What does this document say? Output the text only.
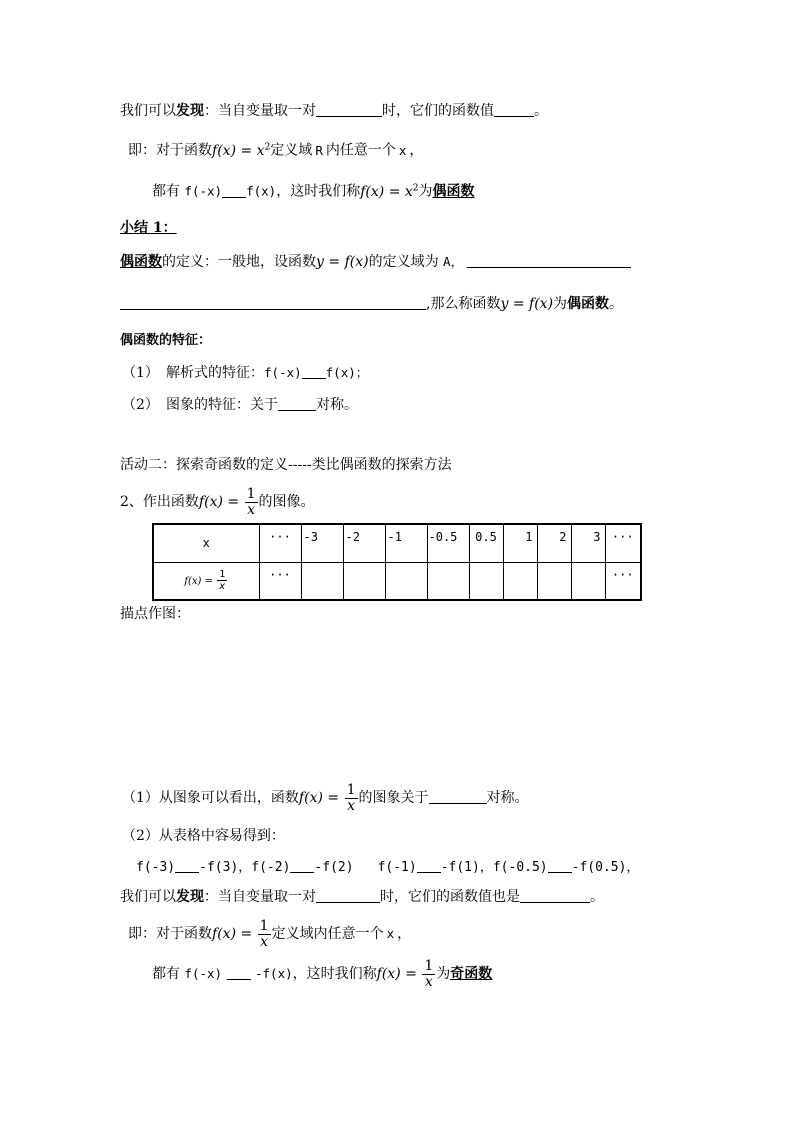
我们可以发现：当自变量取一对	时，它们的函数值	。
即：对于函数$f(x) = x^2$定义域 R 内任意一个 x ，
都有 f(-x) f(x)，这时我们称$f(x) = x^2$为偶函数
小结 1：
偶函数的定义：一般地，设函数y = f(x)的定义域为 A，
,那么称函数y = f(x)为偶函数。
偶函数的特征：
（1） 解析式的特征：f(-x) f(x)；
（2） 图象的特征：关于	对称。
活动二：探索奇函数的定义-----类比偶函数的探索方法
2、作出函数$f(x) = \frac{1}{x}$ 的图像。
x	···	-3	-2	-1	-0.5	0.5	1	2	3	···

$f(x) = \frac{1}{x}$	···									···
描点作图：
（1）从图象可以看出，函数$f(x) = \frac{1}{x}$ 的图象关于	对称。
（2）从表格中容易得到：
f(-3) -f(3)，f(-2) -f(2) f(-1) -f(1)，f(-0.5) -f(0.5)，
我们可以发现：当自变量取一对	时，它们的函数值也是	。
即：对于函数$f(x) = \frac{1}{x}$ 定义域内任意一个 x ，
都有 f(-x)	-f(x)，这时我们称$f(x) = \frac{1}{x}$ 为奇函数
